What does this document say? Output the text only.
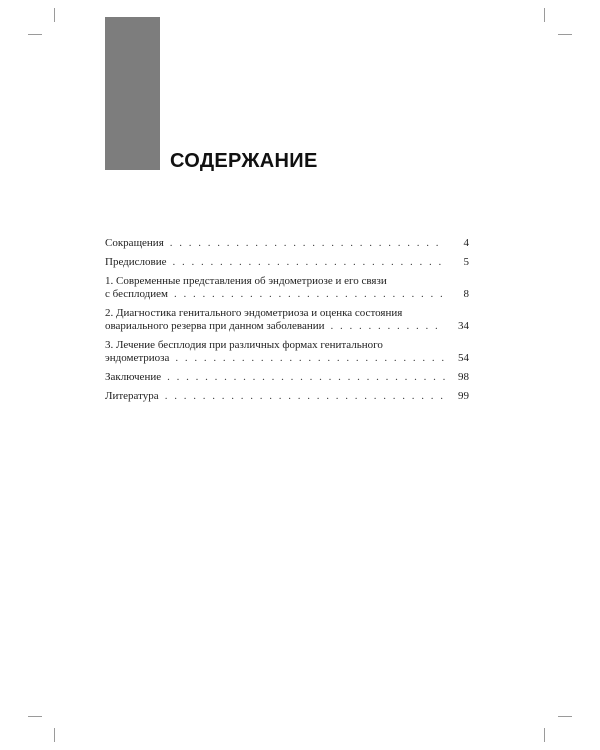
СОДЕРЖАНИЕ
Сокращения . . .	4
Предисловие . . .	5
1. Современные представления об эндометриозе и его связи
с бесплодием . . .	8
2. Диагностика генитального эндометриоза и оценка состояния
овариального резерва при данном заболевании . . .	34
3. Лечение бесплодия при различных формах генитального
эндометриоза . . .	54
Заключение . . .	98
Литература . . .	99
